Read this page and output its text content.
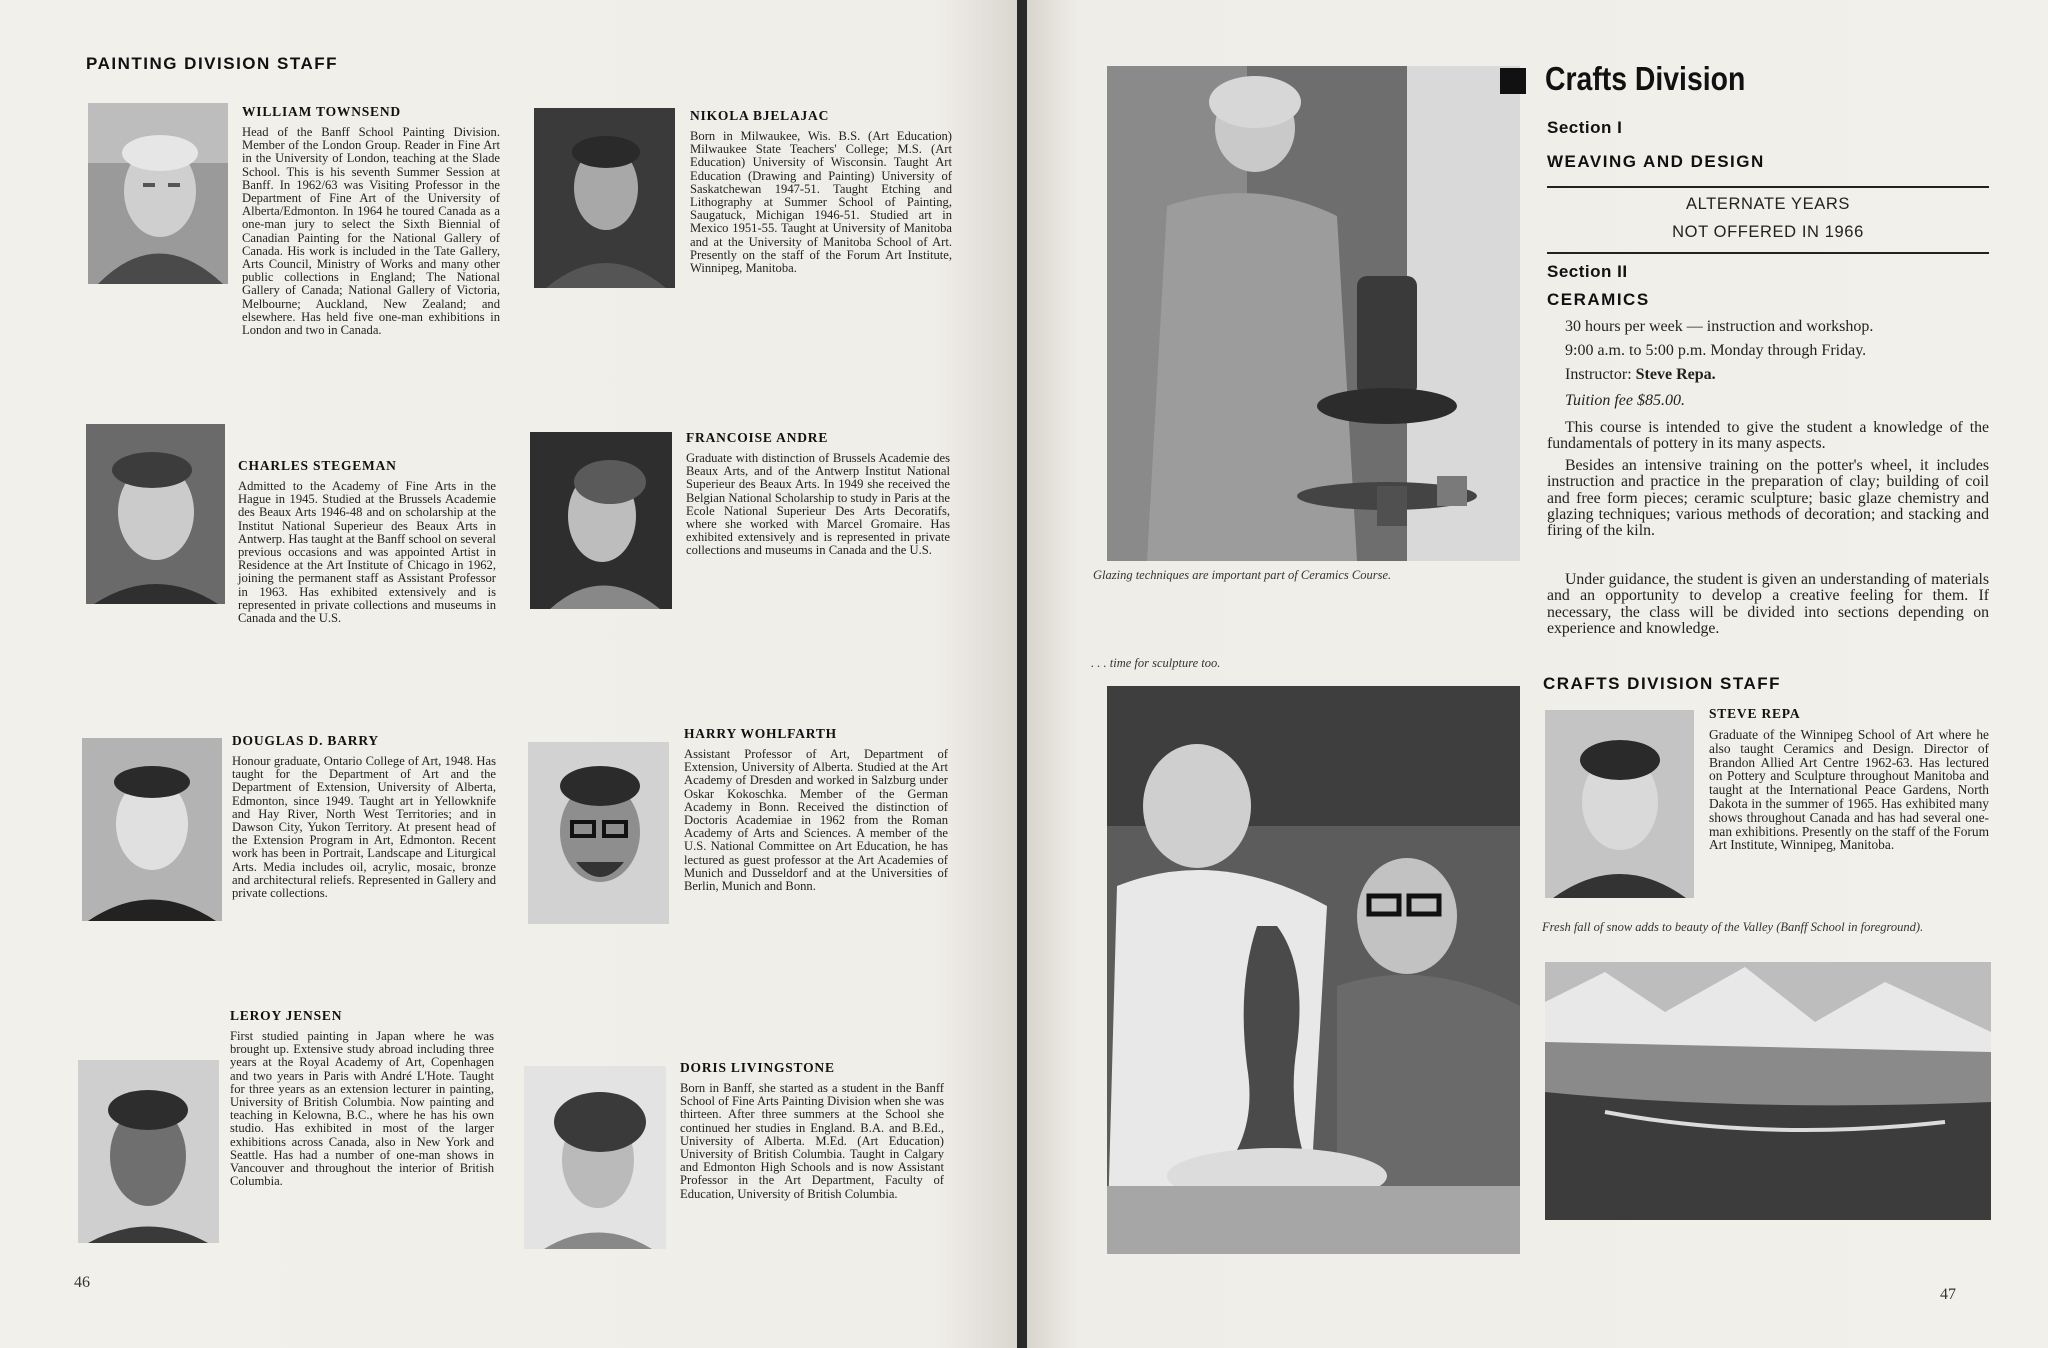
PAINTING DIVISION STAFF

WILLIAM TOWNSEND

Head of the Banff School Painting Division. Member of the London Group. Reader in Fine Art in the University of London, teaching at the Slade School. This is his seventh Summer Session at Banff. In 1962/63 was Visiting Professor in the Department of Fine Art of the University of Alberta/Edmonton. In 1964 he toured Canada as a one-man jury to select the Sixth Biennial of Canadian Painting for the National Gallery of Canada. His work is included in the Tate Gallery, Arts Council, Ministry of Works and many other public collections in England; The National Gallery of Canada; National Gallery of Victoria, Melbourne; Auckland, New Zealand; and elsewhere. Has held five one-man exhibitions in London and two in Canada.

NIKOLA BJELAJAC

Born in Milwaukee, Wis. B.S. (Art Education) Milwaukee State Teachers' College; M.S. (Art Education) University of Wisconsin. Taught Art Education (Drawing and Painting) University of Saskatchewan 1947-51. Taught Etching and Lithography at Summer School of Painting, Saugatuck, Michigan 1946-51. Studied art in Mexico 1951-55. Taught at University of Manitoba and at the University of Manitoba School of Art. Presently on the staff of the Forum Art Institute, Winnipeg, Manitoba.

CHARLES STEGEMAN

Admitted to the Academy of Fine Arts in the Hague in 1945. Studied at the Brussels Academie des Beaux Arts 1946-48 and on scholarship at the Institut National Superieur des Beaux Arts in Antwerp. Has taught at the Banff school on several previous occasions and was appointed Artist in Residence at the Art Institute of Chicago in 1962, joining the permanent staff as Assistant Professor in 1963. Has exhibited extensively and is represented in private collections and museums in Canada and the U.S.

FRANCOISE ANDRE

Graduate with distinction of Brussels Academie des Beaux Arts, and of the Antwerp Institut National Superieur des Beaux Arts. In 1949 she received the Belgian National Scholarship to study in Paris at the Ecole National Superieur Des Arts Decoratifs, where she worked with Marcel Gromaire. Has exhibited extensively and is represented in private collections and museums in Canada and the U.S.

DOUGLAS D. BARRY

Honour graduate, Ontario College of Art, 1948. Has taught for the Department of Art and the Department of Extension, University of Alberta, Edmonton, since 1949. Taught art in Yellowknife and Hay River, North West Territories; and in Dawson City, Yukon Territory. At present head of the Extension Program in Art, Edmonton. Recent work has been in Portrait, Landscape and Liturgical Arts. Media includes oil, acrylic, mosaic, bronze and architectural reliefs. Represented in Gallery and private collections.

HARRY WOHLFARTH

Assistant Professor of Art, Department of Extension, University of Alberta. Studied at the Art Academy of Dresden and worked in Salzburg under Oskar Kokoschka. Member of the German Academy in Bonn. Received the distinction of Doctoris Academiae in 1962 from the Roman Academy of Arts and Sciences. A member of the U.S. National Committee on Art Education, he has lectured as guest professor at the Art Academies of Munich and Dusseldorf and at the Universities of Berlin, Munich and Bonn.

LEROY JENSEN

First studied painting in Japan where he was brought up. Extensive study abroad including three years at the Royal Academy of Art, Copenhagen and two years in Paris with André L'Hote. Taught for three years as an extension lecturer in painting, University of British Columbia. Now painting and teaching in Kelowna, B.C., where he has his own studio. Has exhibited in most of the larger exhibitions across Canada, also in New York and Seattle. Has had a number of one-man shows in Vancouver and throughout the interior of British Columbia.

DORIS LIVINGSTONE

Born in Banff, she started as a student in the Banff School of Fine Arts Painting Division when she was thirteen. After three summers at the School she continued her studies in England. B.A. and B.Ed., University of Alberta. M.Ed. (Art Education) University of British Columbia. Taught in Calgary and Edmonton High Schools and is now Assistant Professor in the Art Department, Faculty of Education, University of British Columbia.

46
Glazing techniques are important part of Ceramics Course.
. . . time for sculpture too.
Crafts Division
Section I
WEAVING AND DESIGN
ALTERNATE YEARS
NOT OFFERED IN 1966
Section II
CERAMICS
30 hours per week — instruction and workshop.
9:00 a.m. to 5:00 p.m. Monday through Friday.
Instructor: Steve Repa.
Tuition fee $85.00.

This course is intended to give the student a knowledge of the fundamentals of pottery in its many aspects.

Besides an intensive training on the potter's wheel, it includes instruction and practice in the preparation of clay; building of coil and free form pieces; ceramic sculpture; basic glaze chemistry and glazing techniques; various methods of decoration; and stacking and firing of the kiln.

Under guidance, the student is given an understanding of materials and an opportunity to develop a creative feeling for them. If necessary, the class will be divided into sections depending on experience and knowledge.

CRAFTS DIVISION STAFF

STEVE REPA

Graduate of the Winnipeg School of Art where he also taught Ceramics and Design. Director of Brandon Allied Art Centre 1962-63. Has lectured on Pottery and Sculpture throughout Manitoba and taught at the International Peace Gardens, North Dakota in the summer of 1965. Has exhibited many shows throughout Canada and has had several one-man exhibitions. Presently on the staff of the Forum Art Institute, Winnipeg, Manitoba.

Fresh fall of snow adds to beauty of the Valley (Banff School in foreground).
47
